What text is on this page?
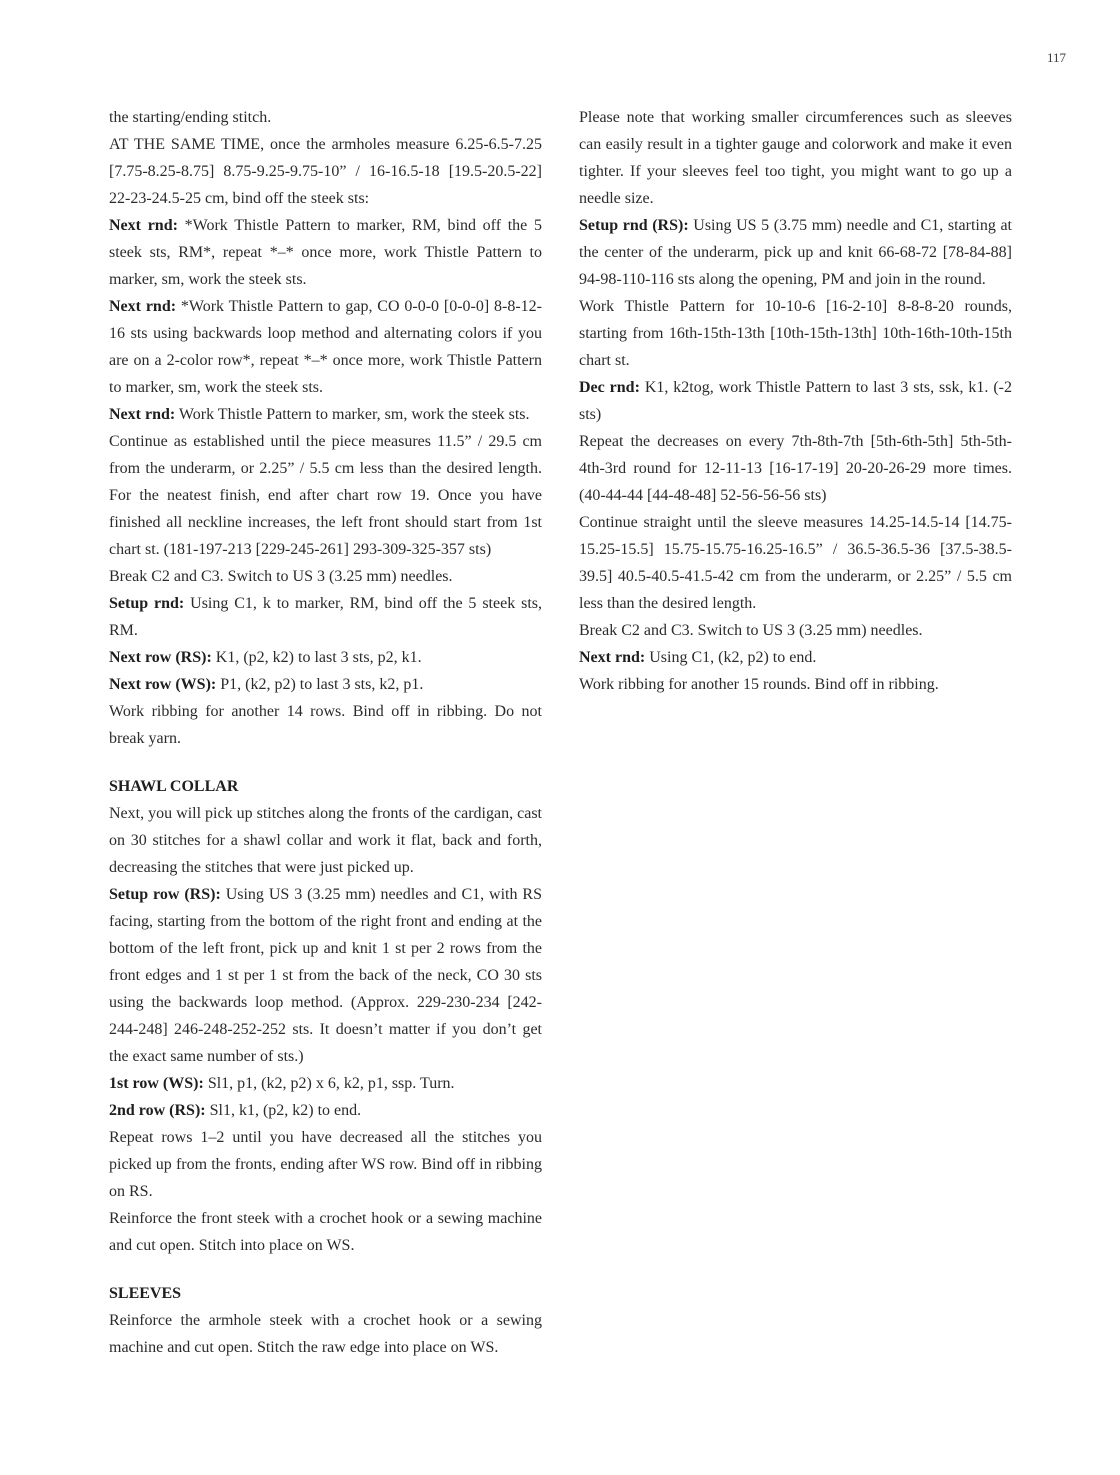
117

the starting/ending stitch.

AT THE SAME TIME, once the armholes measure 6.25-6.5-7.25 [7.75-8.25-8.75] 8.75-9.25-9.75-10” / 16-16.5-18 [19.5-20.5-22] 22-23-24.5-25 cm, bind off the steek sts:

Next rnd: *Work Thistle Pattern to marker, RM, bind off the 5 steek sts, RM*, repeat *–* once more, work Thistle Pattern to marker, sm, work the steek sts.

Next rnd: *Work Thistle Pattern to gap, CO 0-0-0 [0-0-0] 8-8-12-16 sts using backwards loop method and alternating colors if you are on a 2-color row*, repeat *–* once more, work Thistle Pattern to marker, sm, work the steek sts.

Next rnd: Work Thistle Pattern to marker, sm, work the steek sts.

Continue as established until the piece measures 11.5” / 29.5 cm from the underarm, or 2.25” / 5.5 cm less than the desired length. For the neatest finish, end after chart row 19. Once you have finished all neckline increases, the left front should start from 1st chart st. (181-197-213 [229-245-261] 293-309-325-357 sts)

Break C2 and C3. Switch to US 3 (3.25 mm) needles.

Setup rnd: Using C1, k to marker, RM, bind off the 5 steek sts, RM.

Next row (RS): K1, (p2, k2) to last 3 sts, p2, k1.

Next row (WS): P1, (k2, p2) to last 3 sts, k2, p1.

Work ribbing for another 14 rows. Bind off in ribbing. Do not break yarn.

SHAWL COLLAR

Next, you will pick up stitches along the fronts of the cardigan, cast on 30 stitches for a shawl collar and work it flat, back and forth, decreasing the stitches that were just picked up.

Setup row (RS): Using US 3 (3.25 mm) needles and C1, with RS facing, starting from the bottom of the right front and ending at the bottom of the left front, pick up and knit 1 st per 2 rows from the front edges and 1 st per 1 st from the back of the neck, CO 30 sts using the backwards loop method. (Approx. 229-230-234 [242-244-248] 246-248-252-252 sts. It doesn’t matter if you don’t get the exact same number of sts.)

1st row (WS): Sl1, p1, (k2, p2) x 6, k2, p1, ssp. Turn.

2nd row (RS): Sl1, k1, (p2, k2) to end.

Repeat rows 1–2 until you have decreased all the stitches you picked up from the fronts, ending after WS row. Bind off in ribbing on RS.

Reinforce the front steek with a crochet hook or a sewing machine and cut open. Stitch into place on WS.

SLEEVES

Reinforce the armhole steek with a crochet hook or a sewing machine and cut open. Stitch the raw edge into place on WS.

Please note that working smaller circumferences such as sleeves can easily result in a tighter gauge and colorwork and make it even tighter. If your sleeves feel too tight, you might want to go up a needle size.

Setup rnd (RS): Using US 5 (3.75 mm) needle and C1, starting at the center of the underarm, pick up and knit 66-68-72 [78-84-88] 94-98-110-116 sts along the opening, PM and join in the round.

Work Thistle Pattern for 10-10-6 [16-2-10] 8-8-8-20 rounds, starting from 16th-15th-13th [10th-15th-13th] 10th-16th-10th-15th chart st.

Dec rnd: K1, k2tog, work Thistle Pattern to last 3 sts, ssk, k1. (-2 sts)

Repeat the decreases on every 7th-8th-7th [5th-6th-5th] 5th-5th-4th-3rd round for 12-11-13 [16-17-19] 20-20-26-29 more times. (40-44-44 [44-48-48] 52-56-56-56 sts)

Continue straight until the sleeve measures 14.25-14.5-14 [14.75-15.25-15.5] 15.75-15.75-16.25-16.5” / 36.5-36.5-36 [37.5-38.5-39.5] 40.5-40.5-41.5-42 cm from the underarm, or 2.25” / 5.5 cm less than the desired length.

Break C2 and C3. Switch to US 3 (3.25 mm) needles.

Next rnd: Using C1, (k2, p2) to end.

Work ribbing for another 15 rounds. Bind off in ribbing.
